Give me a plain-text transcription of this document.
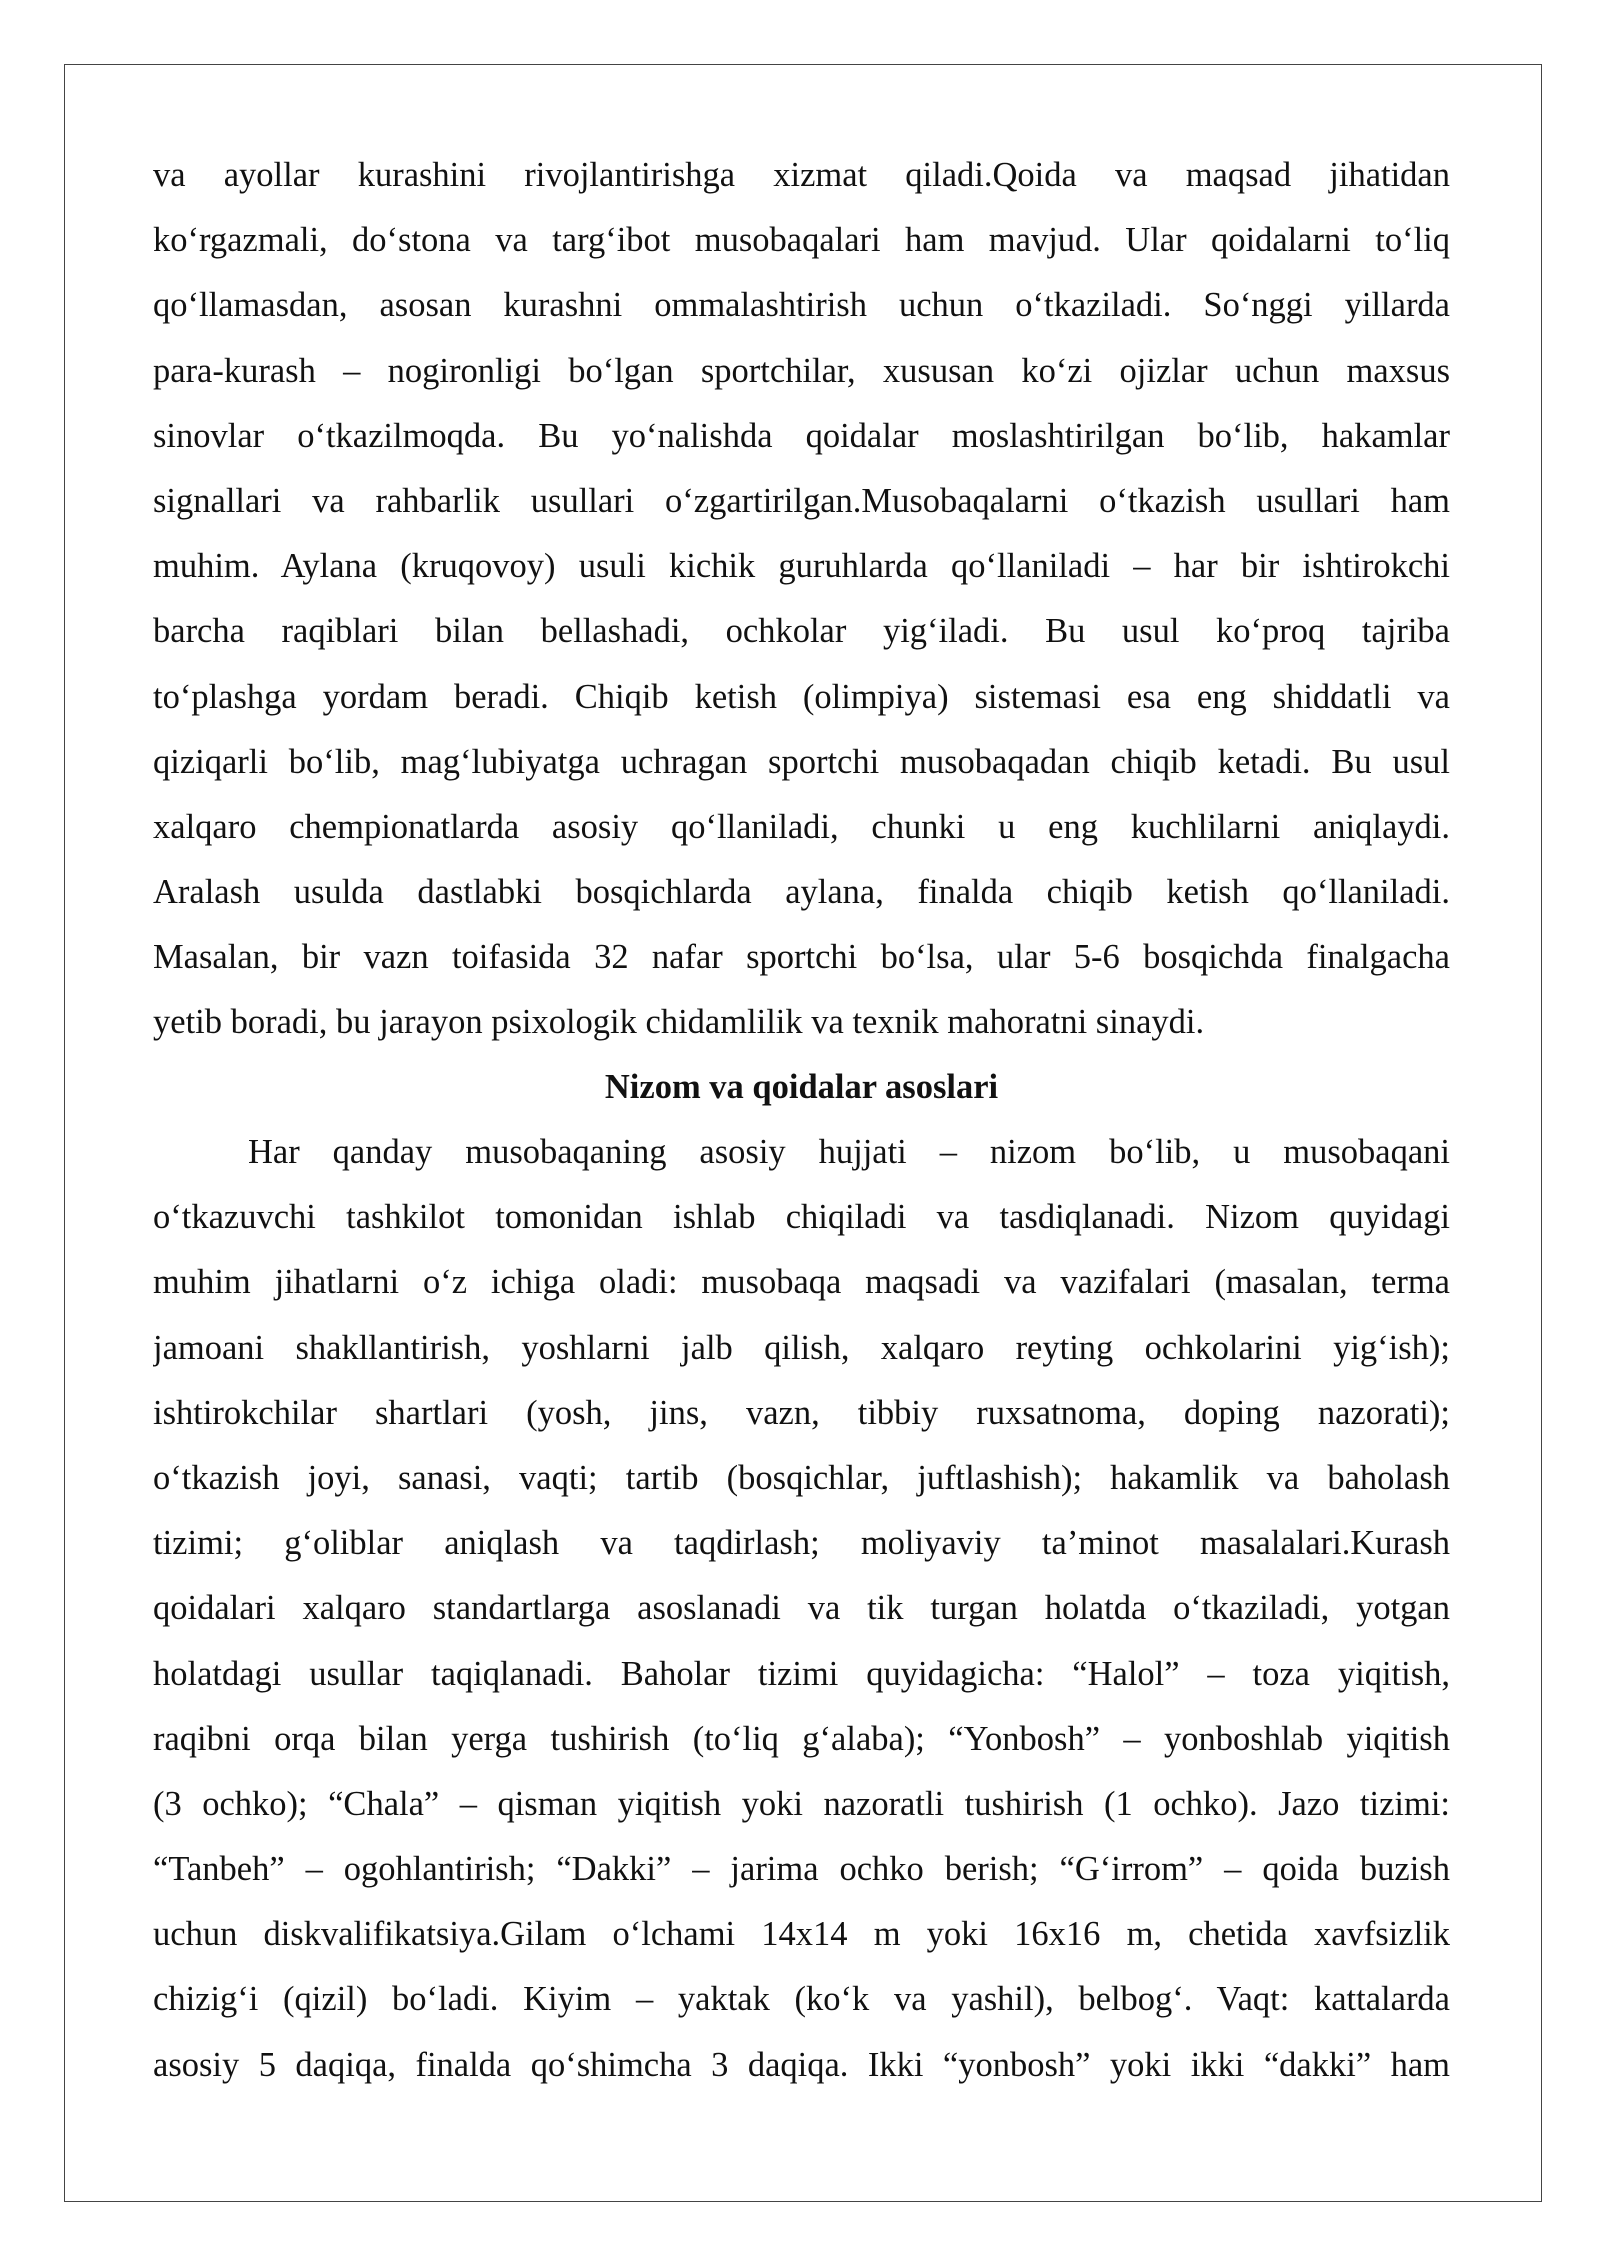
va ayollar kurashini rivojlantirishga xizmat qiladi.Qoida va maqsad jihatidan
koʻrgazmali, doʻstona va targʻibot musobaqalari ham mavjud. Ular qoidalarni toʻliq
qoʻllamasdan, asosan kurashni ommalashtirish uchun oʻtkaziladi. Soʻnggi yillarda
para-kurash – nogironligi boʻlgan sportchilar, xususan koʻzi ojizlar uchun maxsus
sinovlar oʻtkazilmoqda. Bu yoʻnalishda qoidalar moslashtirilgan boʻlib, hakamlar
signallari va rahbarlik usullari oʻzgartirilgan.Musobaqalarni oʻtkazish usullari ham
muhim. Aylana (kruqovoy) usuli kichik guruhlarda qoʻllaniladi – har bir ishtirokchi
barcha raqiblari bilan bellashadi, ochkolar yigʻiladi. Bu usul koʻproq tajriba
toʻplashga yordam beradi. Chiqib ketish (olimpiya) sistemasi esa eng shiddatli va
qiziqarli boʻlib, magʻlubiyatga uchragan sportchi musobaqadan chiqib ketadi. Bu usul
xalqaro chempionatlarda asosiy qoʻllaniladi, chunki u eng kuchlilarni aniqlaydi.
Aralash usulda dastlabki bosqichlarda aylana, finalda chiqib ketish qoʻllaniladi.
Masalan, bir vazn toifasida 32 nafar sportchi boʻlsa, ular 5-6 bosqichda finalgacha
yetib boradi, bu jarayon psixologik chidamlilik va texnik mahoratni sinaydi.
Nizom va qoidalar asoslari
Har qanday musobaqaning asosiy hujjati – nizom boʻlib, u musobaqani
oʻtkazuvchi tashkilot tomonidan ishlab chiqiladi va tasdiqlanadi. Nizom quyidagi
muhim jihatlarni oʻz ichiga oladi: musobaqa maqsadi va vazifalari (masalan, terma
jamoani shakllantirish, yoshlarni jalb qilish, xalqaro reyting ochkolarini yigʻish);
ishtirokchilar shartlari (yosh, jins, vazn, tibbiy ruxsatnoma, doping nazorati);
oʻtkazish joyi, sanasi, vaqti; tartib (bosqichlar, juftlashish); hakamlik va baholash
tizimi; gʻoliblar aniqlash va taqdirlash; moliyaviy ta’minot masalalari.Kurash
qoidalari xalqaro standartlarga asoslanadi va tik turgan holatda oʻtkaziladi, yotgan
holatdagi usullar taqiqlanadi. Baholar tizimi quyidagicha: “Halol” – toza yiqitish,
raqibni orqa bilan yerga tushirish (toʻliq gʻalaba); “Yonbosh” – yonboshlab yiqitish
(3 ochko); “Chala” – qisman yiqitish yoki nazoratli tushirish (1 ochko). Jazo tizimi:
“Tanbeh” – ogohlantirish; “Dakki” – jarima ochko berish; “Gʻirrom” – qoida buzish
uchun diskvalifikatsiya.Gilam oʻlchami 14x14 m yoki 16x16 m, chetida xavfsizlik
chizigʻi (qizil) boʻladi. Kiyim – yaktak (koʻk va yashil), belbogʻ. Vaqt: kattalarda
asosiy 5 daqiqa, finalda qoʻshimcha 3 daqiqa. Ikki “yonbosh” yoki ikki “dakki” ham
